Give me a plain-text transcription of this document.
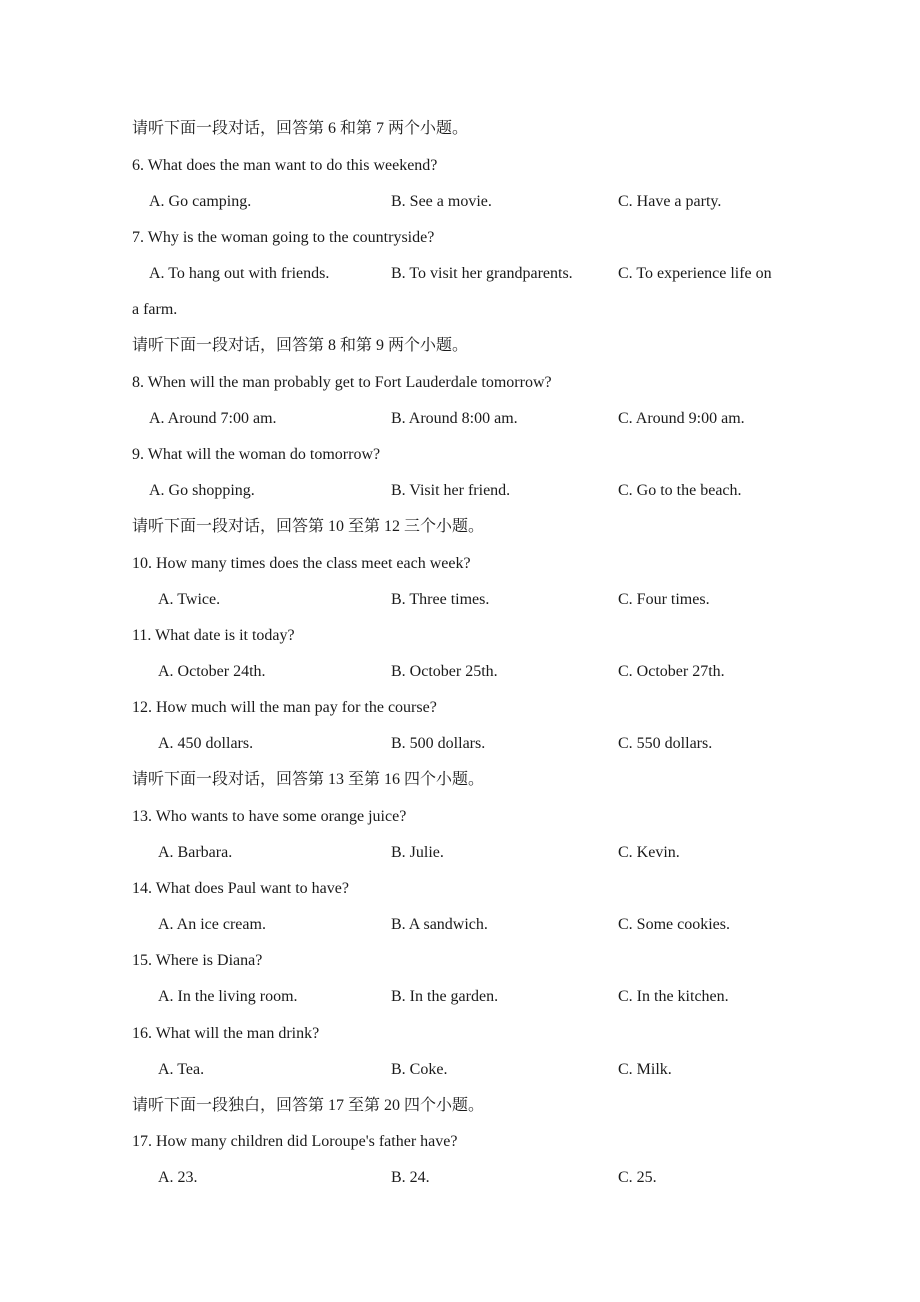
请听下面一段对话，回答第 6 和第 7 两个小题。
6. What does the man want to do this weekend?
A. Go camping.	B. See a movie.	C. Have a party.
7. Why is the woman going to the countryside?
A. To hang out with friends.	B. To visit her grandparents.	C. To experience life on
a farm.
请听下面一段对话，回答第 8 和第 9 两个小题。
8. When will the man probably get to Fort Lauderdale tomorrow?
A. Around 7:00 am.	B. Around 8:00 am.	C. Around 9:00 am.
9. What will the woman do tomorrow?
A. Go shopping.	B. Visit her friend.	C. Go to the beach.
请听下面一段对话，回答第 10 至第 12 三个小题。
10. How many times does the class meet each week?
A. Twice.	B. Three times.	C. Four times.
11. What date is it today?
A. October 24th.	B. October 25th.	C. October 27th.
12. How much will the man pay for the course?
A. 450 dollars.	B. 500 dollars.	C. 550 dollars.
请听下面一段对话，回答第 13 至第 16 四个小题。
13. Who wants to have some orange juice?
A. Barbara.	B. Julie.	C. Kevin.
14. What does Paul want to have?
A. An ice cream.	B. A sandwich.	C. Some cookies.
15. Where is Diana?
A. In the living room.	B. In the garden.	C. In the kitchen.
16. What will the man drink?
A. Tea.	B. Coke.	C. Milk.
请听下面一段独白，回答第 17 至第 20 四个小题。
17. How many children did Loroupe's father have?
A. 23.	B. 24.	C. 25.
